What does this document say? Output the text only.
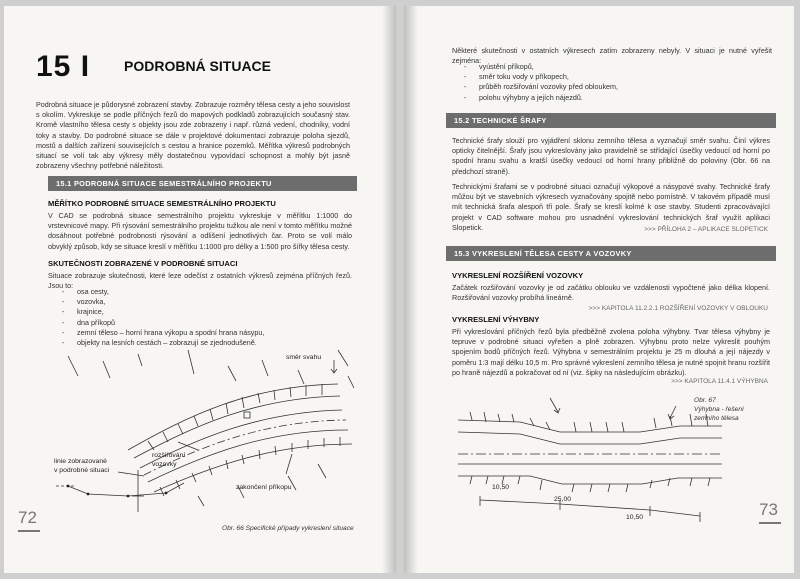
15 I PODROBNÁ SITUACE
Podrobná situace je půdorysné zobrazení stavby. Zobrazuje rozměry tělesa cesty a jeho souvislost s okolím. Vykresluje se podle příčných řezů do mapových podkladů zobrazujících současný stav. Kromě vlastního tělesa cesty s objekty jsou zde zobrazeny i např. různá vedení, chodníky, vodní toky a stavby. Do podrobné situace se dále v projektové dokumentaci zobrazuje poloha sjezdů, mostů a dalších zařízení souvisejících s cestou a hranice pozemků. Měřítka výkresů podrobných situací se volí tak aby výkresy měly dostatečnou vypovídací schopnost a mohly být jasně zobrazeny všechny potřebné náležitosti.
15.1 PODROBNÁ SITUACE SEMESTRÁLNÍHO PROJEKTU
MĚŘÍTKO PODROBNÉ SITUACE SEMESTRÁLNÍHO PROJEKTU
V CAD se podrobná situace semestrálního projektu vykresluje v měřítku 1:1000 do vrstevnicové mapy. Při rýsování semestrálního projektu tužkou ale není v tomto měřítku možné dosáhnout potřebné podrobnosti rýsování a odlišení jednotlivých čar. Proto se volí málo obvyklý způsob, kdy se situace kreslí v měřítku 1:1000 pro délky a 1:500 pro šířky tělesa cesty.
SKUTEČNOSTI ZOBRAZENÉ V PODROBNÉ SITUACI
Situace zobrazuje skutečnosti, které leze odečíst z ostatních výkresů zejména příčných řezů. Jsou to:
- osa cesty,
- vozovka,
- krajnice,
- dna příkopů
- zemní těleso – horní hrana výkopu a spodní hrana násypu,
- objekty na lesních cestách – zobrazují se zjednodušeně.
směr svahu
rozšiřování
vozovky
linie zobrazované
v podrobné situaci
zakončení příkopu
Obr. 66 Specifické případy vykreslení situace
72
Některé skutečnosti v ostatních výkresech zatím zobrazeny nebyly. V situaci je nutné vyřešit zejména:
- vyústění příkopů,
- směr toku vody v příkopech,
- průběh rozšiřování vozovky před obloukem,
- polohu výhybny a jejích nájezdů.
15.2 TECHNICKÉ ŠRAFY
Technické šrafy slouží pro vyjádření sklonu zemního tělesa a vyznačují směr svahu. Činí výkres opticky čitelnější. Šrafy jsou vykreslovány jako pravidelně se střídající úsečky vedoucí od horní po spodní hranu svahu a kratší úsečky vedoucí od horní hrany přibližně do poloviny (Obr. 66 na předchozí straně).
Technickými šrafami se v podrobné situaci označují výkopové a násypové svahy. Technické šrafy můžou být ve stavebních výkresech vyznačovány spojitě nebo pomístně. V takovém případě musí mít technická šrafa alespoň tři pole. Šrafy se kreslí kolmé k ose stavby. Studenti zpracovávající projekt v CAD software mohou pro usnadnění vykreslování technických šraf využít aplikaci Slopetick.	>>> PŘÍLOHA 2 – APLIKACE SLOPETICK
15.3 VYKRESLENÍ TĚLESA CESTY A VOZOVKY
VYKRESLENÍ ROZŠÍŘENÍ VOZOVKY
Začátek rozšiřování vozovky je od začátku oblouku ve vzdálenosti vypočtené jako délka klopení. Rozšiřování vozovky probíhá lineárně.
>>> KAPITOLA 11.2.2.1 ROZŠÍŘENÍ VOZOVKY V OBLOUKU
VYKRESLENÍ VÝHYBNY
Při vykreslování příčných řezů byla předběžně zvolena poloha výhybny. Tvar tělesa výhybny je tepruve v podrobné situaci vyřešen a plně zobrazen. Výhybnu proto nelze vykreslit pouhým spojením bodů příčných řezů. Výhybna v semestrálním projektu je 25 m dlouhá a její nájezdy v poměru 1:3 mají délku 10,5 m. Pro správné vykreslení zemního tělesa je nutné spojnit hranu rozšířit po hraně nájezdů a pokračovat od ní (viz. šipky na následujícím obrázku).
>>> KAPITOLA 11.4.1 VÝHYBNA
10,50
25,00
10,50
Obr. 67
Výhybna - řešení
zemního tělesa
73
